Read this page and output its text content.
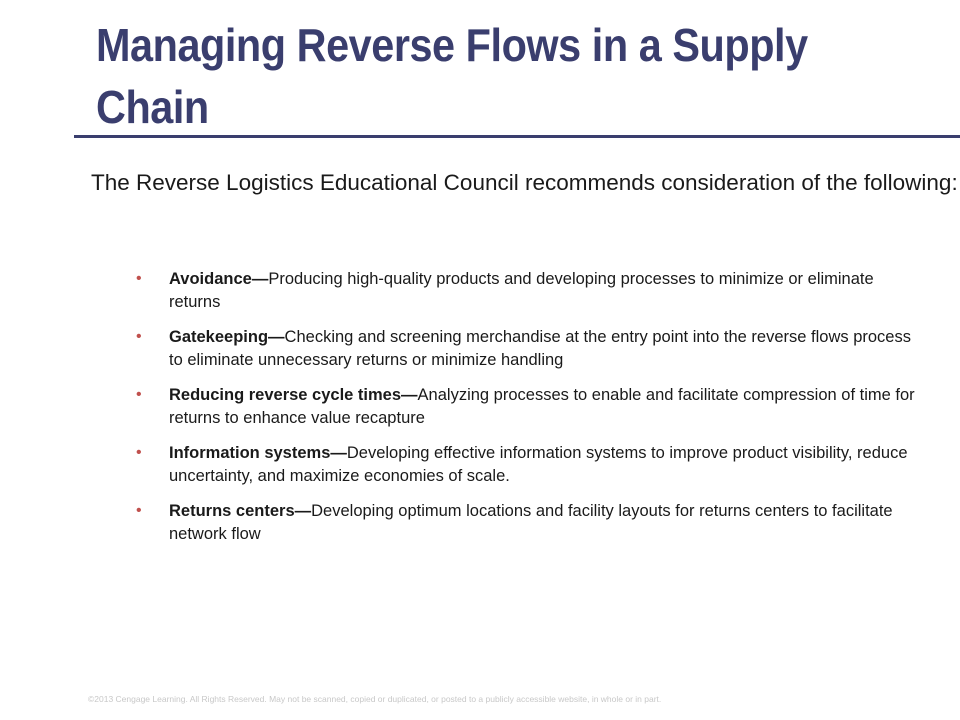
Managing Reverse Flows in a Supply Chain

The Reverse Logistics Educational Council recommends consideration of the following:

• Avoidance—Producing high-quality products and developing processes to minimize or eliminate returns
• Gatekeeping—Checking and screening merchandise at the entry point into the reverse flows process to eliminate unnecessary returns or minimize handling
• Reducing reverse cycle times—Analyzing processes to enable and facilitate compression of time for returns to enhance value recapture
• Information systems—Developing effective information systems to improve product visibility, reduce uncertainty, and maximize economies of scale.
• Returns centers—Developing optimum locations and facility layouts for returns centers to facilitate network flow
©2013 Cengage Learning. All Rights Reserved. May not be scanned, copied or duplicated, or posted to a publicly accessible website, in whole or in part.
